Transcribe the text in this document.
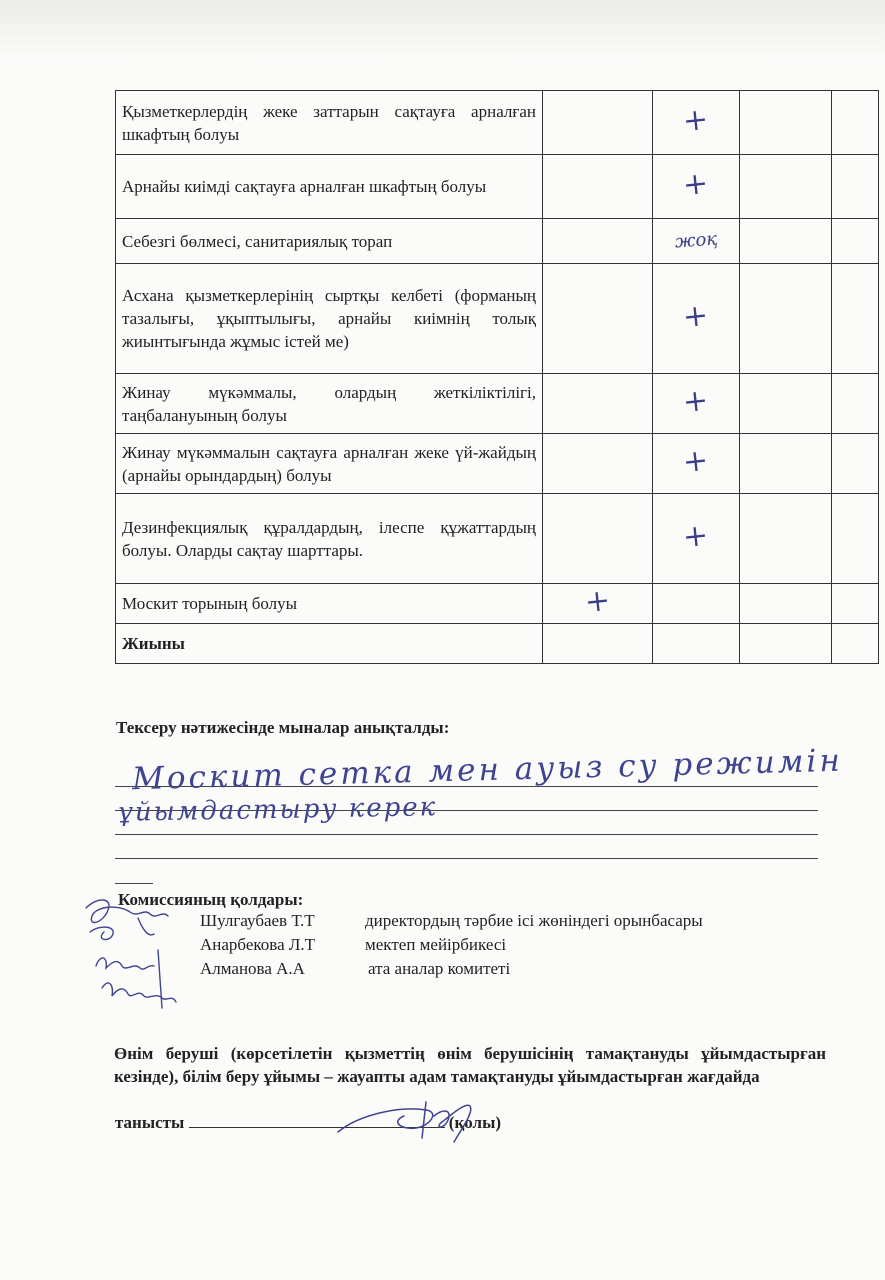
Қызметкерлердің жеке заттарын сақтауға арналған шкафтың болуы		+			
Арнайы киімді сақтауға арналған шкафтың болуы		+			
Себезгі бөлмесі, санитариялық торап		жоқ			
Асхана қызметкерлерінің сыртқы келбеті (форманың тазалығы, ұқыптылығы, арнайы киімнің толық жиынтығында жұмыс істей ме)		+			
Жинау мүкәммалы, олардың жеткіліктілігі, таңбалануының болуы		+			
Жинау мүкәммалын сақтауға арналған жеке үй-жайдың (арнайы орындардың) болуы		+			
Дезинфекциялық құралдардың, ілеспе құжаттардың болуы. Оларды сақтау шарттары.		+			
Москит торының болуы	+				
Жиыны					
Тексеру нәтижесінде мыналар анықталды:
Москит сетка мен ауыз су режимін
ұйымдастыру керек
Комиссияның қолдары:
Шулгаубаев Т.Т	директордың тәрбие ісі жөніндегі орынбасары
Анарбекова Л.Т	мектеп мейірбикесі
Алманова А.А	ата аналар комитеті
Өнім беруші (көрсетілетін қызметтің өнім берушісінің тамақтануды ұйымдастырған кезінде), білім беру ұйымы – жауапты адам тамақтануды ұйымдастырған жағдайда
таныcты	(қолы)
